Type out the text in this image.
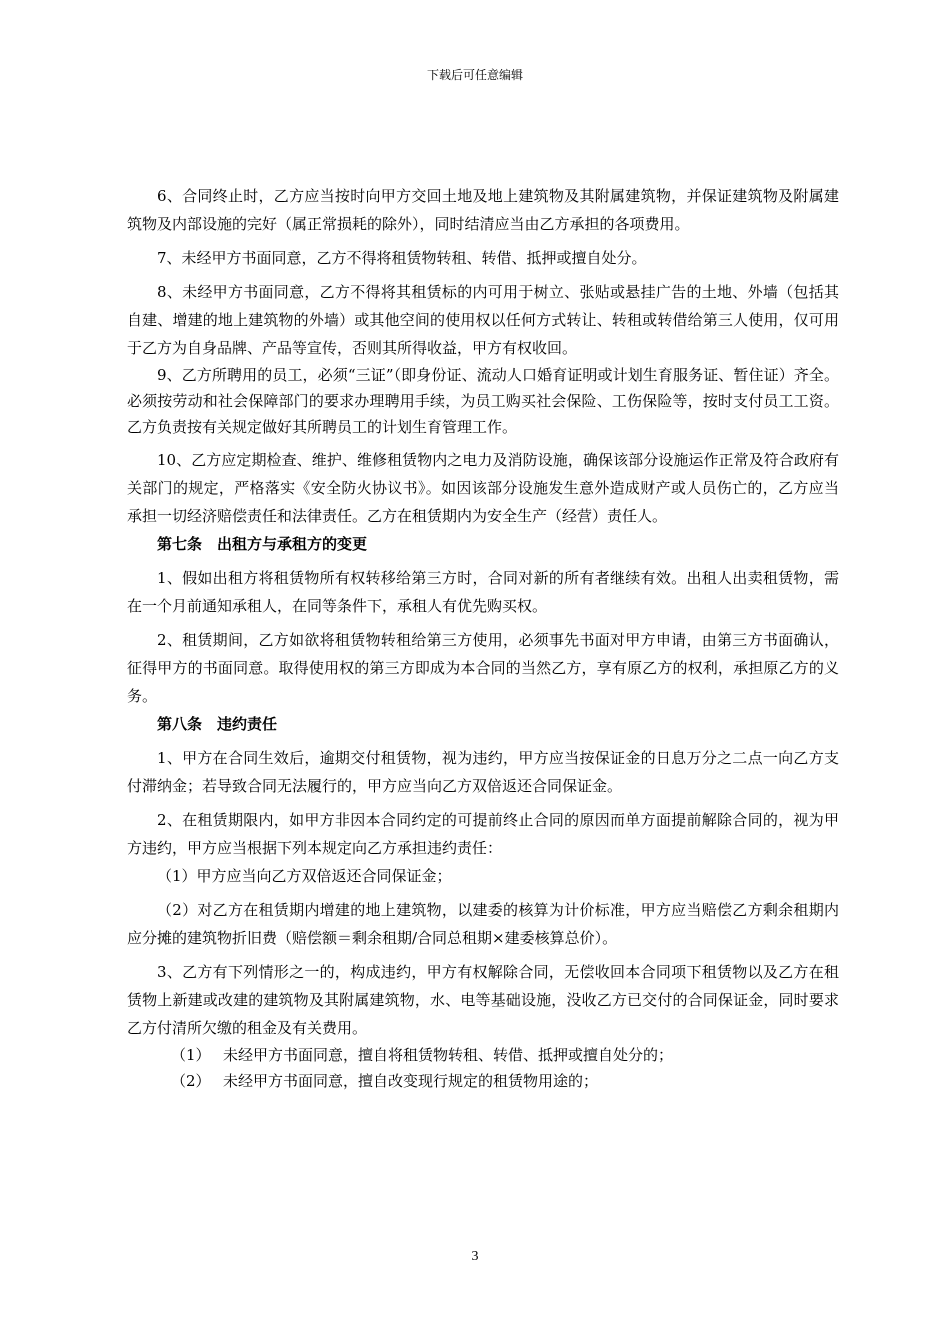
下载后可任意编辑

6、合同终止时，乙方应当按时向甲方交回土地及地上建筑物及其附属建筑物，并保证建筑物及附属建筑物及内部设施的完好（属正常损耗的除外），同时结清应当由乙方承担的各项费用。

7、未经甲方书面同意，乙方不得将租赁物转租、转借、抵押或擅自处分。

8、未经甲方书面同意，乙方不得将其租赁标的内可用于树立、张贴或悬挂广告的土地、外墙（包括其自建、增建的地上建筑物的外墙）或其他空间的使用权以任何方式转让、转租或转借给第三人使用，仅可用于乙方为自身品牌、产品等宣传，否则其所得收益，甲方有权收回。

9、乙方所聘用的员工，必须“三证”（即身份证、流动人口婚育证明或计划生育服务证、暂住证）齐全。必须按劳动和社会保障部门的要求办理聘用手续，为员工购买社会保险、工伤保险等，按时支付员工工资。乙方负责按有关规定做好其所聘员工的计划生育管理工作。

10、乙方应定期检查、维护、维修租赁物内之电力及消防设施，确保该部分设施运作正常及符合政府有关部门的规定，严格落实《安全防火协议书》。如因该部分设施发生意外造成财产或人员伤亡的，乙方应当承担一切经济赔偿责任和法律责任。乙方在租赁期内为安全生产（经营）责任人。

第七条　出租方与承租方的变更

1、假如出租方将租赁物所有权转移给第三方时，合同对新的所有者继续有效。出租人出卖租赁物，需在一个月前通知承租人，在同等条件下，承租人有优先购买权。

2、租赁期间，乙方如欲将租赁物转租给第三方使用，必须事先书面对甲方申请，由第三方书面确认，征得甲方的书面同意。取得使用权的第三方即成为本合同的当然乙方，享有原乙方的权利，承担原乙方的义务。

第八条　违约责任

1、甲方在合同生效后，逾期交付租赁物，视为违约，甲方应当按保证金的日息万分之二点一向乙方支付滞纳金；若导致合同无法履行的，甲方应当向乙方双倍返还合同保证金。

2、在租赁期限内，如甲方非因本合同约定的可提前终止合同的原因而单方面提前解除合同的，视为甲方违约，甲方应当根据下列本规定向乙方承担违约责任：

（1）甲方应当向乙方双倍返还合同保证金；

（2）对乙方在租赁期内增建的地上建筑物，以建委的核算为计价标准，甲方应当赔偿乙方剩余租期内应分摊的建筑物折旧费（赔偿额＝剩余租期/合同总租期×建委核算总价）。

3、乙方有下列情形之一的，构成违约，甲方有权解除合同，无偿收回本合同项下租赁物以及乙方在租赁物上新建或改建的建筑物及其附属建筑物，水、电等基础设施，没收乙方已交付的合同保证金，同时要求乙方付清所欠缴的租金及有关费用。

（1） 未经甲方书面同意，擅自将租赁物转租、转借、抵押或擅自处分的；

（2） 未经甲方书面同意，擅自改变现行规定的租赁物用途的；

3
